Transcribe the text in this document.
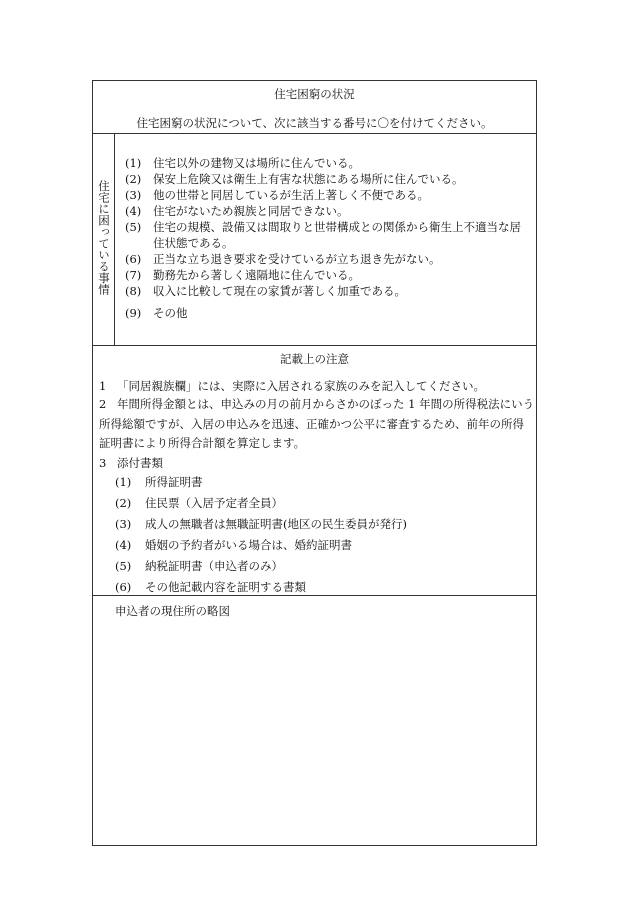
住宅困窮の状況
住宅困窮の状況について、次に該当する番号に〇を付けてください。
住宅に困っている事情
(1) 住宅以外の建物又は場所に住んでいる。
(2) 保安上危険又は衛生上有害な状態にある場所に住んでいる。
(3) 他の世帯と同居しているが生活上著しく不便である。
(4) 住宅がないため親族と同居できない。
(5) 住宅の規模、設備又は間取りと世帯構成との関係から衛生上不適当な居住状態である。
(6) 正当な立ち退き要求を受けているが立ち退き先がない。
(7) 勤務先から著しく遠隔地に住んでいる。
(8) 収入に比較して現在の家賃が著しく加重である。
(9) その他
記載上の注意
1 「同居親族欄」には、実際に入居される家族のみを記入してください。
2 年間所得金額とは、申込みの月の前月からさかのぼった 1 年間の所得税法にいう所得総額ですが、入居の申込みを迅速、正確かつ公平に審査するため、前年の所得証明書により所得合計額を算定します。
3 添付書類
(1) 所得証明書
(2) 住民票（入居予定者全員）
(3) 成人の無職者は無職証明書(地区の民生委員が発行)
(4) 婚姻の予約者がいる場合は、婚約証明書
(5) 納税証明書（申込者のみ）
(6) その他記載内容を証明する書類
申込者の現住所の略図
